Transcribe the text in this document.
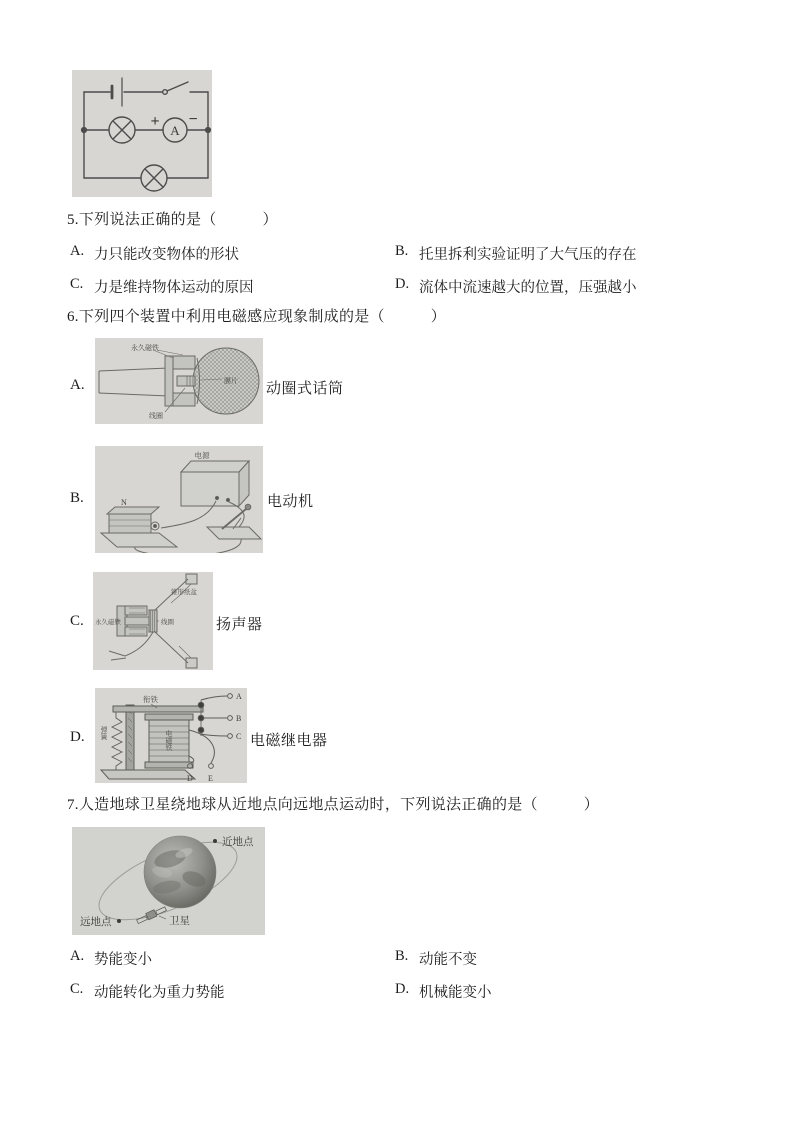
+ −
A
5.下列说法正确的是（　　　）
A. 力只能改变物体的形状	B. 托里拆利实验证明了大气压的存在
C. 力是维持物体运动的原因	D. 流体中流速越大的位置，压强越小
6.下列四个装置中利用电磁感应现象制成的是（　　　）
A.
永久磁铁
膜片
线圈
动圈式话筒
B.
电源
N	电动机
C. 永久磁铁	线圈
锥形纸盆
扬声器
D.
衔铁
弹簧	电磁铁
A
B
C
D E
电磁继电器
7.人造地球卫星绕地球从近地点向远地点运动时，下列说法正确的是（　　　）
近地点
远地点	卫星
A. 势能变小	B. 动能不变
C. 动能转化为重力势能	D. 机械能变小
